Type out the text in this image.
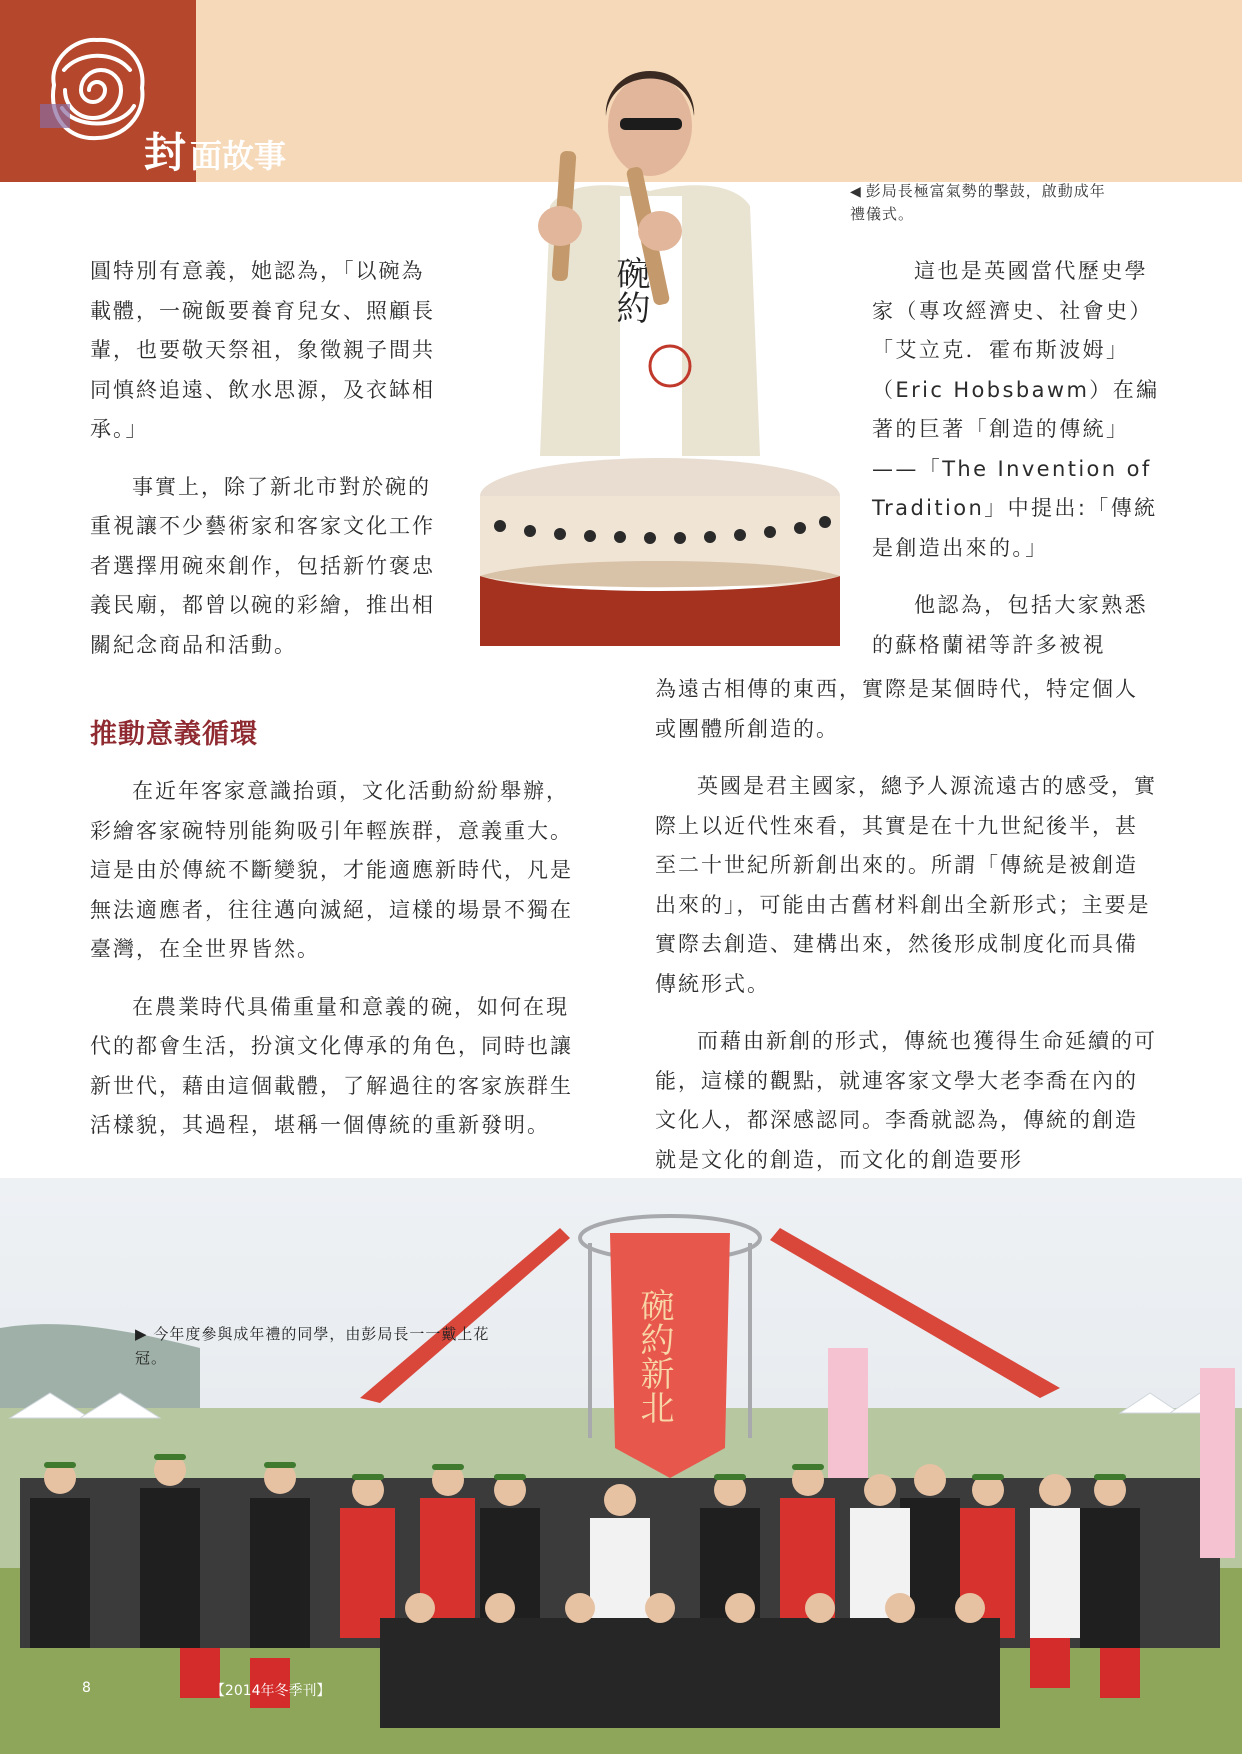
封 面故事
碗約
◀ 彭局長極富氣勢的擊鼓，啟動成年禮儀式。

圓特別有意義，她認為，「以碗為載體，一碗飯要養育兒女、照顧長輩，也要敬天祭祖，象徵親子間共同慎終追遠、飲水思源，及衣缽相承。」

事實上，除了新北市對於碗的重視讓不少藝術家和客家文化工作者選擇用碗來創作，包括新竹褒忠義民廟，都曾以碗的彩繪，推出相關紀念商品和活動。

推動意義循環

在近年客家意識抬頭，文化活動紛紛舉辦，彩繪客家碗特別能夠吸引年輕族群，意義重大。這是由於傳統不斷變貌，才能適應新時代，凡是無法適應者，往往邁向滅絕，這樣的場景不獨在臺灣，在全世界皆然。

在農業時代具備重量和意義的碗，如何在現代的都會生活，扮演文化傳承的角色，同時也讓新世代，藉由這個載體，了解過往的客家族群生活樣貌，其過程，堪稱一個傳統的重新發明。

這也是英國當代歷史學家（專攻經濟史、社會史）「艾立克．霍布斯波姆」（Eric Hobsbawm）在編著的巨著「創造的傳統」——「The Invention of Tradition」中提出:「傳統是創造出來的。」

他認為，包括大家熟悉的蘇格蘭裙等許多被視

為遠古相傳的東西，實際是某個時代，特定個人或團體所創造的。

英國是君主國家，總予人源流遠古的感受，實際上以近代性來看，其實是在十九世紀後半，甚至二十世紀所新創出來的。所謂「傳統是被創造出來的」，可能由古舊材料創出全新形式；主要是實際去創造、建構出來，然後形成制度化而具備傳統形式。

而藉由新創的形式，傳統也獲得生命延續的可能，這樣的觀點，就連客家文學大老李喬在內的文化人，都深感認同。李喬就認為，傳統的創造就是文化的創造，而文化的創造要形

碗約新北
▶ 今年度參與成年禮的同學，由彭局長一一戴上花冠。
8	【2014年冬季刊】
